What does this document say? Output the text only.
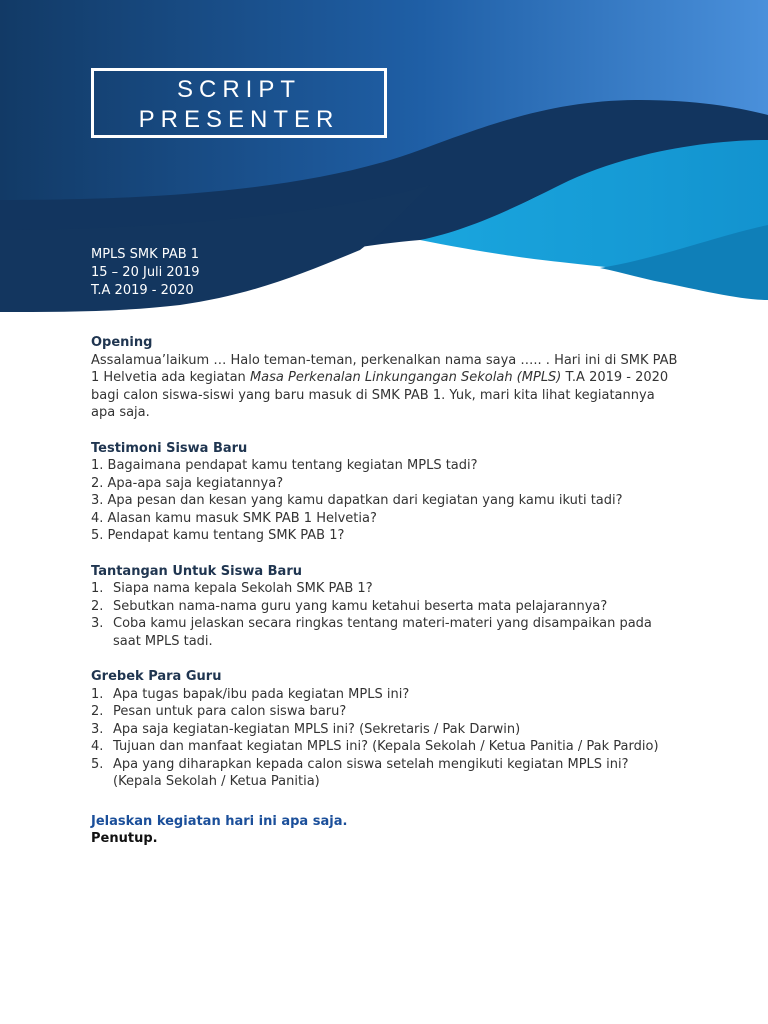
SCRIPT
PRESENTER
MPLS SMK PAB 1
15 – 20 Juli 2019
T.A 2019 - 2020
Opening
Assalamua’laikum … Halo teman-teman, perkenalkan nama saya ….. . Hari ini di SMK PAB 1 Helvetia ada kegiatan Masa Perkenalan Linkungangan Sekolah (MPLS) T.A 2019 - 2020 bagi calon siswa-siswi yang baru masuk di SMK PAB 1. Yuk, mari kita lihat kegiatannya apa saja.
Testimoni Siswa Baru
1. Bagaimana pendapat kamu tentang kegiatan MPLS tadi?
2. Apa-apa saja kegiatannya?
3. Apa pesan dan kesan yang kamu dapatkan dari kegiatan yang kamu ikuti tadi?
4. Alasan kamu masuk SMK PAB 1 Helvetia?
5. Pendapat kamu tentang SMK PAB 1?
Tantangan Untuk Siswa Baru
1. Siapa nama kepala Sekolah SMK PAB 1?
2. Sebutkan nama-nama guru yang kamu ketahui beserta mata pelajarannya?
3. Coba kamu jelaskan secara ringkas tentang materi-materi yang disampaikan pada saat MPLS tadi.
Grebek Para Guru
1. Apa tugas bapak/ibu pada kegiatan MPLS ini?
2. Pesan untuk para calon siswa baru?
3. Apa saja kegiatan-kegiatan MPLS ini? (Sekretaris / Pak Darwin)
4. Tujuan dan manfaat kegiatan MPLS ini? (Kepala Sekolah / Ketua Panitia / Pak Pardio)
5. Apa yang diharapkan kepada calon siswa setelah mengikuti kegiatan MPLS ini? (Kepala Sekolah / Ketua Panitia)
Jelaskan kegiatan hari ini apa saja.
Penutup.
